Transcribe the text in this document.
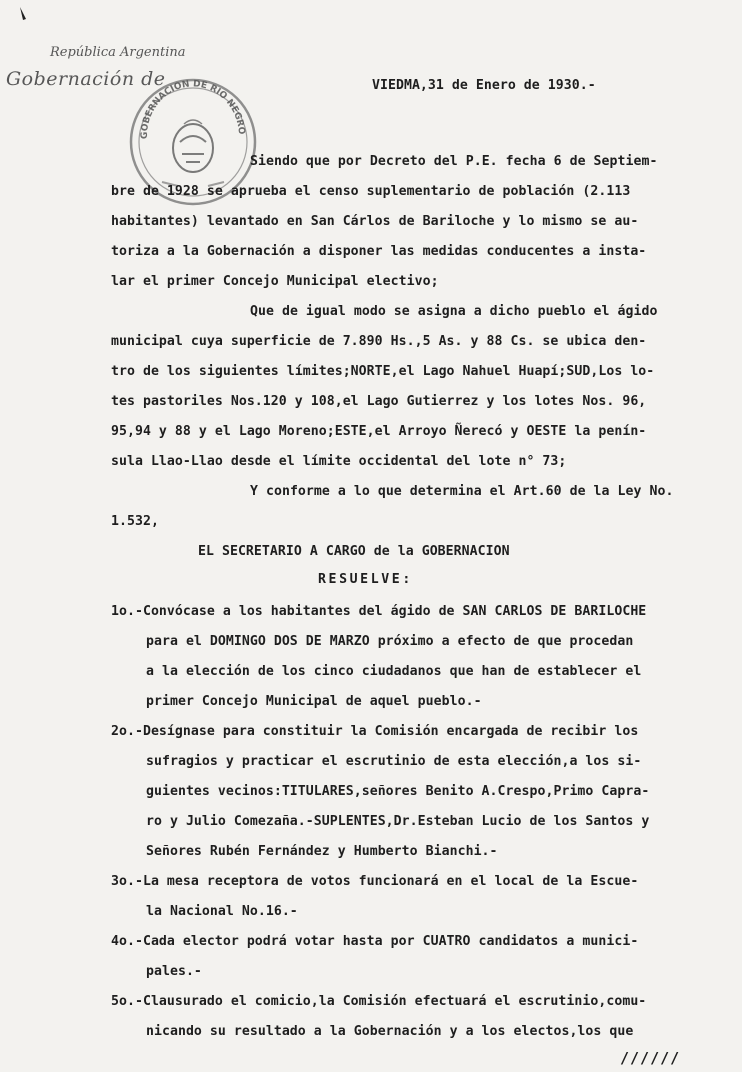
República Argentina
Gobernación de
GOBERNACION DE RIO NEGRO
VIEDMA,31 de Enero de 1930.-
Siendo que por Decreto del P.E. fecha 6 de Septiem-
bre de 1928 se aprueba el censo suplementario de población (2.113
habitantes) levantado en San Cárlos de Bariloche y lo mismo se au-
toriza a la Gobernación a disponer las medidas conducentes a insta-
lar el primer Concejo Municipal electivo;
Que de igual modo se asigna a dicho pueblo el ágido
municipal cuya superficie de 7.890 Hs.,5 As. y 88 Cs. se ubica den-
tro de los siguientes límites;NORTE,el Lago Nahuel Huapí;SUD,Los lo-
tes pastoriles Nos.120 y 108,el Lago Gutierrez y los lotes Nos. 96,
95,94 y 88 y el Lago Moreno;ESTE,el Arroyo Ñerecó y OESTE la penín-
sula Llao-Llao desde el límite occidental del lote n° 73;
Y conforme a lo que determina el Art.60 de la Ley No.
1.532,
EL SECRETARIO A CARGO de la GOBERNACION
RESUELVE:
1o.-Convócase a los habitantes del ágido de SAN CARLOS DE BARILOCHE
para el DOMINGO DOS DE MARZO próximo a efecto de que procedan
a la elección de los cinco ciudadanos que han de establecer el
primer Concejo Municipal de aquel pueblo.-
2o.-Desígnase para constituir la Comisión encargada de recibir los
sufragios y practicar el escrutinio de esta elección,a los si-
guientes vecinos:TITULARES,señores Benito A.Crespo,Primo Capra-
ro y Julio Comezaña.-SUPLENTES,Dr.Esteban Lucio de los Santos y
Señores Rubén Fernández y Humberto Bianchi.-
3o.-La mesa receptora de votos funcionará en el local de la Escue-
la Nacional No.16.-
4o.-Cada elector podrá votar hasta por CUATRO candidatos a munici-
pales.-
5o.-Clausurado el comicio,la Comisión efectuará el escrutinio,comu-
nicando su resultado a la Gobernación y a los electos,los que
//////
